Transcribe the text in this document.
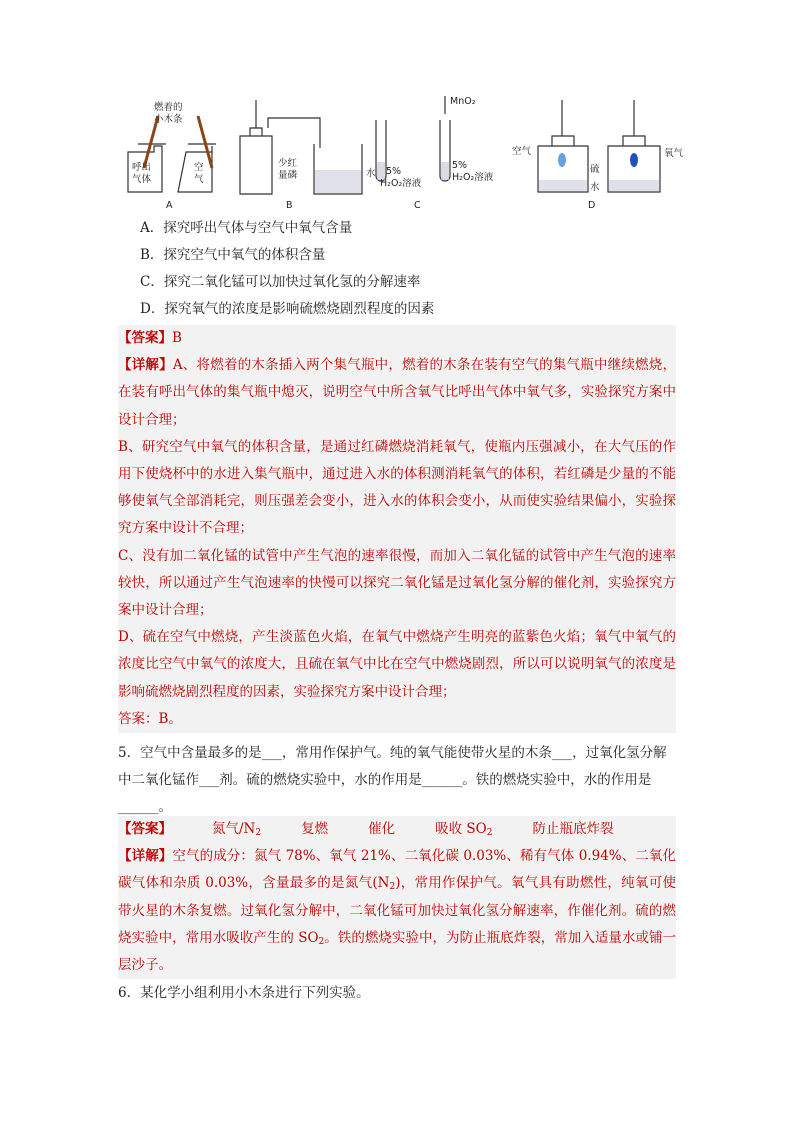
燃着的
小木条
呼出
气体
空
气
A
少红
量磷	水
B
5%
H₂O₂溶液
MnO₂
5%
H₂O₂溶液
C
空气
硫
水
氧气
D
A．探究呼出气体与空气中氧气含量
B．探究空气中氧气的体积含量
C．探究二氧化锰可以加快过氧化氢的分解速率
D．探究氧气的浓度是影响硫燃烧剧烈程度的因素

【答案】B

【详解】A、将燃着的木条插入两个集气瓶中，燃着的木条在装有空气的集气瓶中继续燃烧，在装有呼出气体的集气瓶中熄灭，说明空气中所含氧气比呼出气体中氧气多，实验探究方案中设计合理；

B、研究空气中氧气的体积含量，是通过红磷燃烧消耗氧气，使瓶内压强减小，在大气压的作用下使烧杯中的水进入集气瓶中，通过进入水的体积测消耗氧气的体积，若红磷是少量的不能够使氧气全部消耗完，则压强差会变小，进入水的体积会变小，从而使实验结果偏小，实验探究方案中设计不合理；

C、没有加二氧化锰的试管中产生气泡的速率很慢，而加入二氧化锰的试管中产生气泡的速率较快，所以通过产生气泡速率的快慢可以探究二氧化锰是过氧化氢分解的催化剂，实验探究方案中设计合理；

D、硫在空气中燃烧，产生淡蓝色火焰，在氧气中燃烧产生明亮的蓝紫色火焰；氧气中氧气的浓度比空气中氧气的浓度大，且硫在氧气中比在空气中燃烧剧烈，所以可以说明氧气的浓度是影响硫燃烧剧烈程度的因素，实验探究方案中设计合理；

答案：B。

5．空气中含量最多的是___，常用作保护气。纯的氧气能使带火星的木条___，过氧化氢分解中二氧化锰作___剂。硫的燃烧实验中，水的作用是______。铁的燃烧实验中，水的作用是______。

【答案】	氮气$/N_2$	复燃	催化	吸收 $SO_2$	防止瓶底炸裂

【详解】空气的成分：氮气 78%、氧气 21%、二氧化碳 0.03%、稀有气体 0.94%、二氧化碳气体和杂质 0.03%，含量最多的是氮气$(N_2)$，常用作保护气。氧气具有助燃性，纯氧可使带火星的木条复燃。过氧化氢分解中，二氧化锰可加快过氧化氢分解速率，作催化剂。硫的燃烧实验中，常用水吸收产生的 $SO_2$。铁的燃烧实验中，为防止瓶底炸裂，常加入适量水或铺一层沙子。

6．某化学小组利用小木条进行下列实验。
